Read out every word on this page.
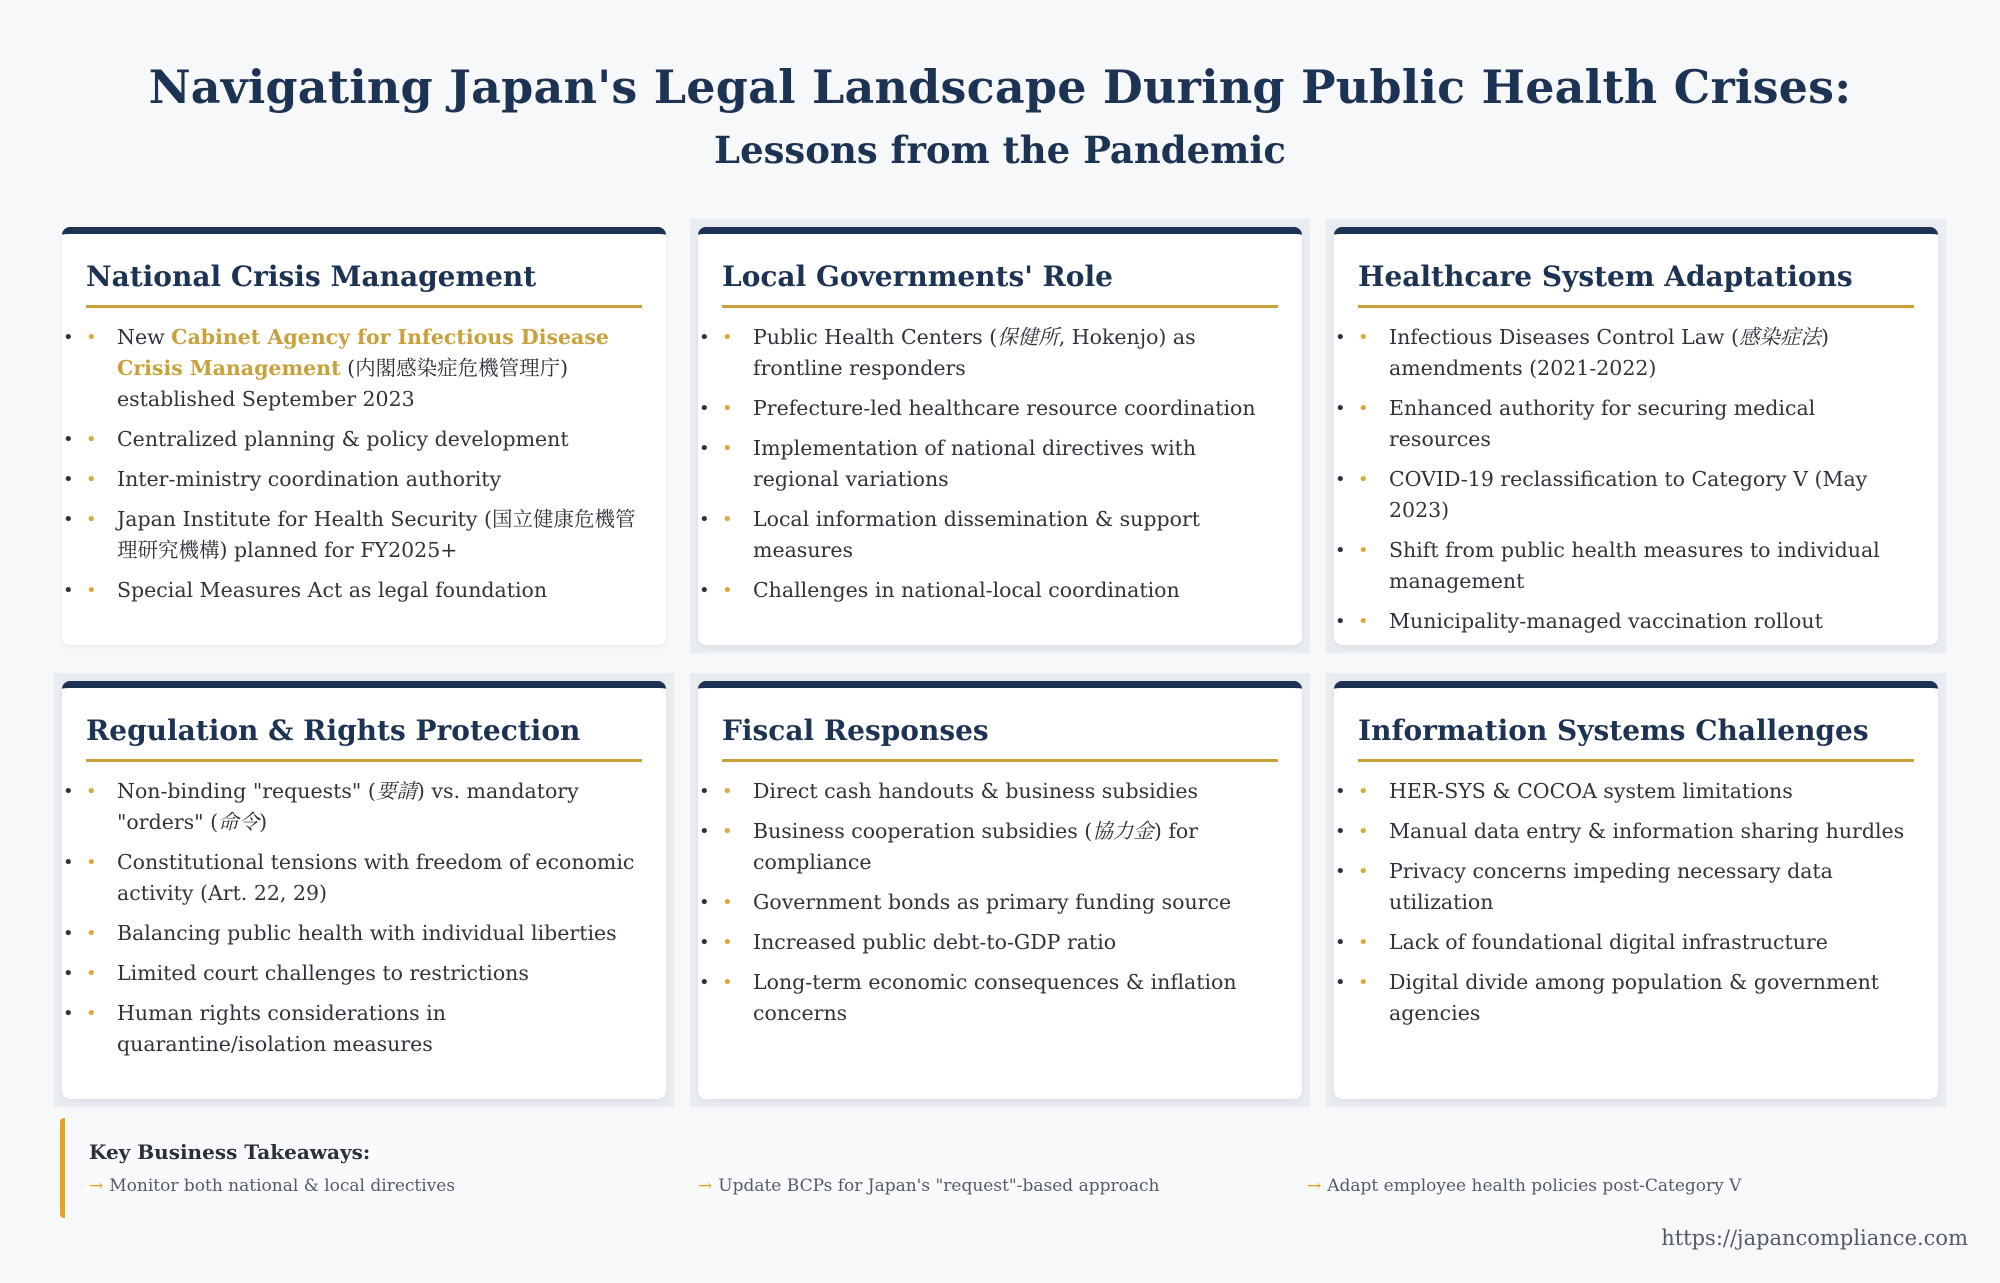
Navigating Japan's Legal Landscape During Public Health Crises:
Lessons from the Pandemic
National Crisis Management
• New Cabinet Agency for Infectious Disease Crisis Management (内閣感染症危機管理庁) established September 2023 •
• Centralized planning & policy development •
• Inter-ministry coordination authority •
• Japan Institute for Health Security (国立健康危機管理研究機構) planned for FY2025+ •
• Special Measures Act as legal foundation •
Local Governments' Role
• Public Health Centers (保健所, Hokenjo) as frontline responders •
• Prefecture-led healthcare resource coordination •
• Implementation of national directives with regional variations •
• Local information dissemination & support measures •
• Challenges in national-local coordination •
Healthcare System Adaptations
• Infectious Diseases Control Law (感染症法) amendments (2021-2022) •
• Enhanced authority for securing medical resources •
• COVID-19 reclassification to Category V (May 2023) •
• Shift from public health measures to individual management •
• Municipality-managed vaccination rollout •
Regulation & Rights Protection
• Non-binding "requests" (要請) vs. mandatory "orders" (命令) •
• Constitutional tensions with freedom of economic activity (Art. 22, 29) •
• Balancing public health with individual liberties •
• Limited court challenges to restrictions •
• Human rights considerations in quarantine/isolation measures •
Fiscal Responses
• Direct cash handouts & business subsidies •
• Business cooperation subsidies (協力金) for compliance •
• Government bonds as primary funding source •
• Increased public debt-to-GDP ratio •
• Long-term economic consequences & inflation concerns •
Information Systems Challenges
• HER-SYS & COCOA system limitations •
• Manual data entry & information sharing hurdles •
• Privacy concerns impeding necessary data utilization •
• Lack of foundational digital infrastructure •
• Digital divide among population & government agencies •
Key Business Takeaways:
→ Monitor both national & local directives	→ Update BCPs for Japan's "request"-based approach	→ Adapt employee health policies post-Category V
https://japancompliance.com
